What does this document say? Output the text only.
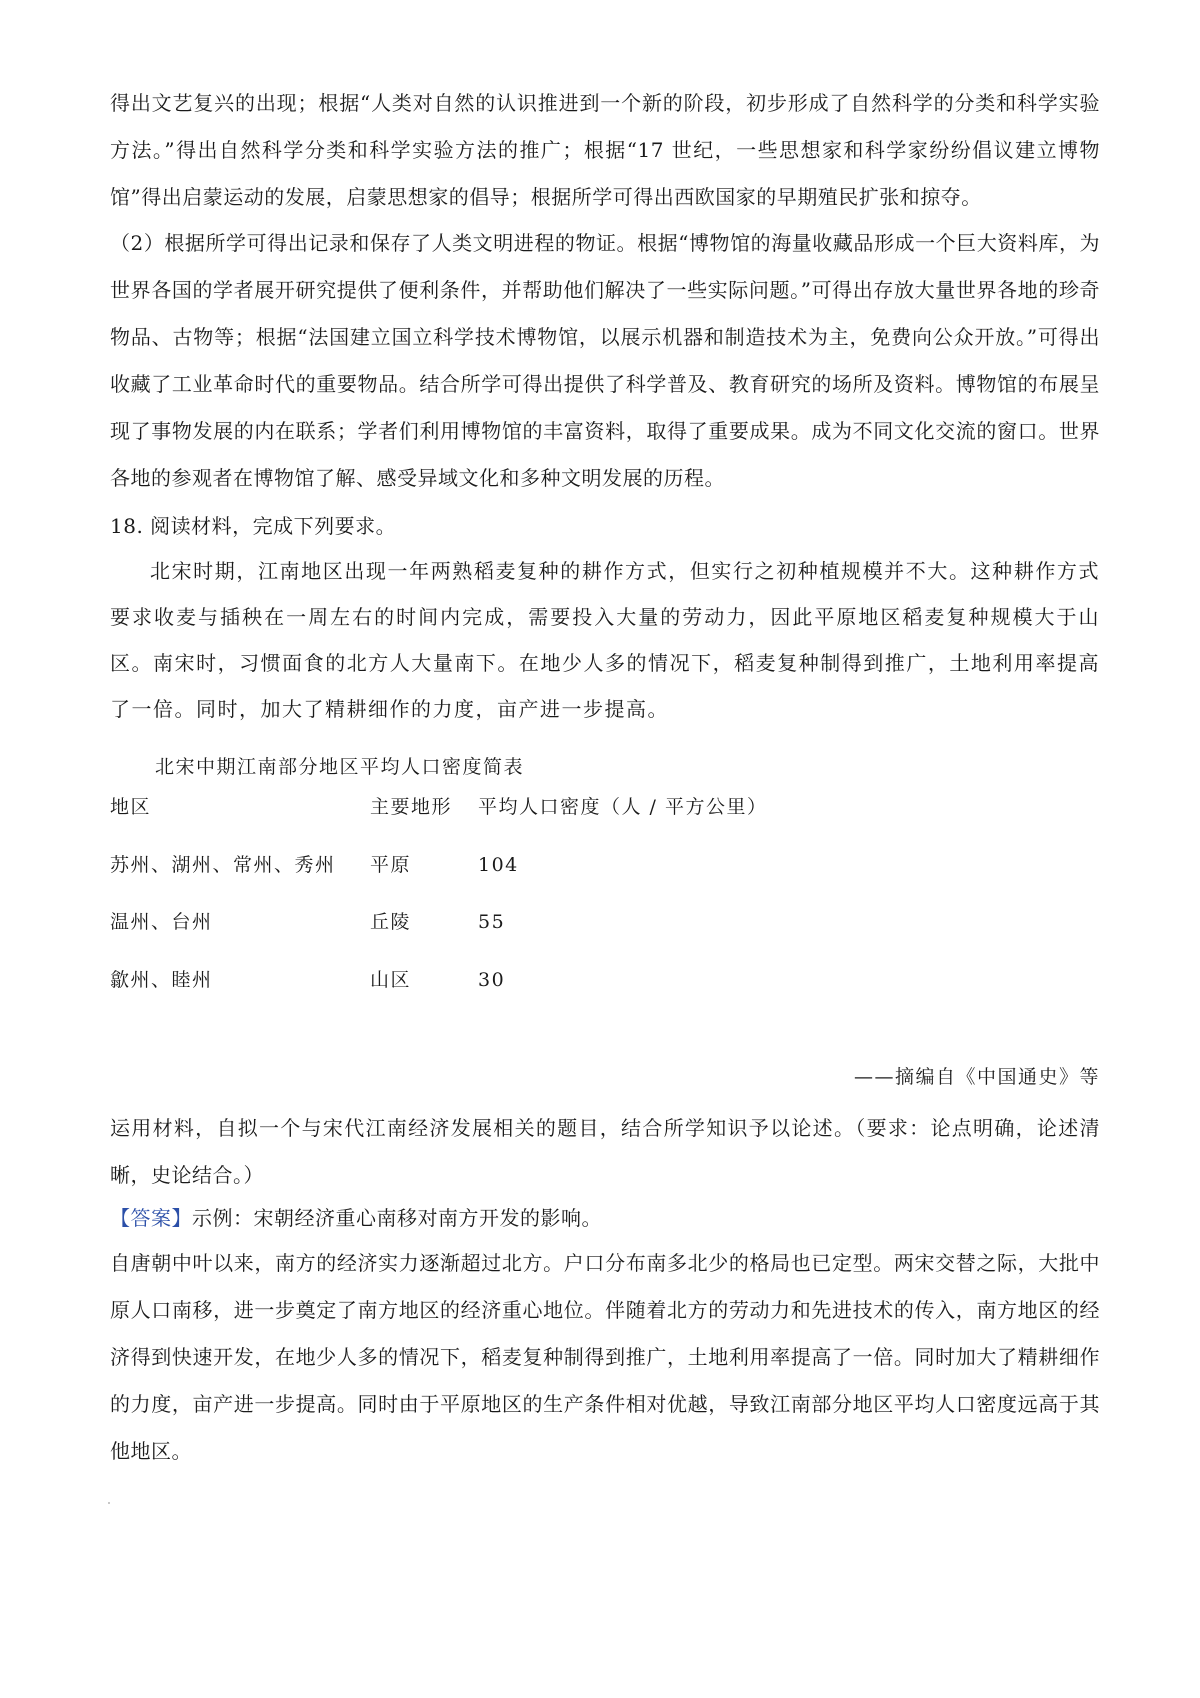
得出文艺复兴的出现；根据“人类对自然的认识推进到一个新的阶段，初步形成了自然科学的分类和科学实验方法。”得出自然科学分类和科学实验方法的推广；根据“17 世纪，一些思想家和科学家纷纷倡议建立博物馆”得出启蒙运动的发展，启蒙思想家的倡导；根据所学可得出西欧国家的早期殖民扩张和掠夺。

（2）根据所学可得出记录和保存了人类文明进程的物证。根据“博物馆的海量收藏品形成一个巨大资料库，为世界各国的学者展开研究提供了便利条件，并帮助他们解决了一些实际问题。”可得出存放大量世界各地的珍奇物品、古物等；根据“法国建立国立科学技术博物馆，以展示机器和制造技术为主，免费向公众开放。”可得出收藏了工业革命时代的重要物品。结合所学可得出提供了科学普及、教育研究的场所及资料。博物馆的布展呈现了事物发展的内在联系；学者们利用博物馆的丰富资料，取得了重要成果。成为不同文化交流的窗口。世界各地的参观者在博物馆了解、感受异域文化和多种文明发展的历程。

18. 阅读材料，完成下列要求。

北宋时期，江南地区出现一年两熟稻麦复种的耕作方式，但实行之初种植规模并不大。这种耕作方式要求收麦与插秧在一周左右的时间内完成，需要投入大量的劳动力，因此平原地区稻麦复种规模大于山区。南宋时，习惯面食的北方人大量南下。在地少人多的情况下，稻麦复种制得到推广，土地利用率提高了一倍。同时，加大了精耕细作的力度，亩产进一步提高。

北宋中期江南部分地区平均人口密度简表
地区	主要地形 平均人口密度（人 / 平方公里）
苏州、湖州、常州、秀州 平原	104
温州、台州	丘陵	55
歙州、睦州	山区	30
——摘编自《中国通史》等

运用材料，自拟一个与宋代江南经济发展相关的题目，结合所学知识予以论述。（要求：论点明确，论述清晰，史论结合。）

【答案】示例：宋朝经济重心南移对南方开发的影响。

自唐朝中叶以来，南方的经济实力逐渐超过北方。户口分布南多北少的格局也已定型。两宋交替之际，大批中原人口南移，进一步奠定了南方地区的经济重心地位。伴随着北方的劳动力和先进技术的传入，南方地区的经济得到快速开发，在地少人多的情况下，稻麦复种制得到推广，土地利用率提高了一倍。同时加大了精耕细作的力度，亩产进一步提高。同时由于平原地区的生产条件相对优越，导致江南部分地区平均人口密度远高于其他地区。
